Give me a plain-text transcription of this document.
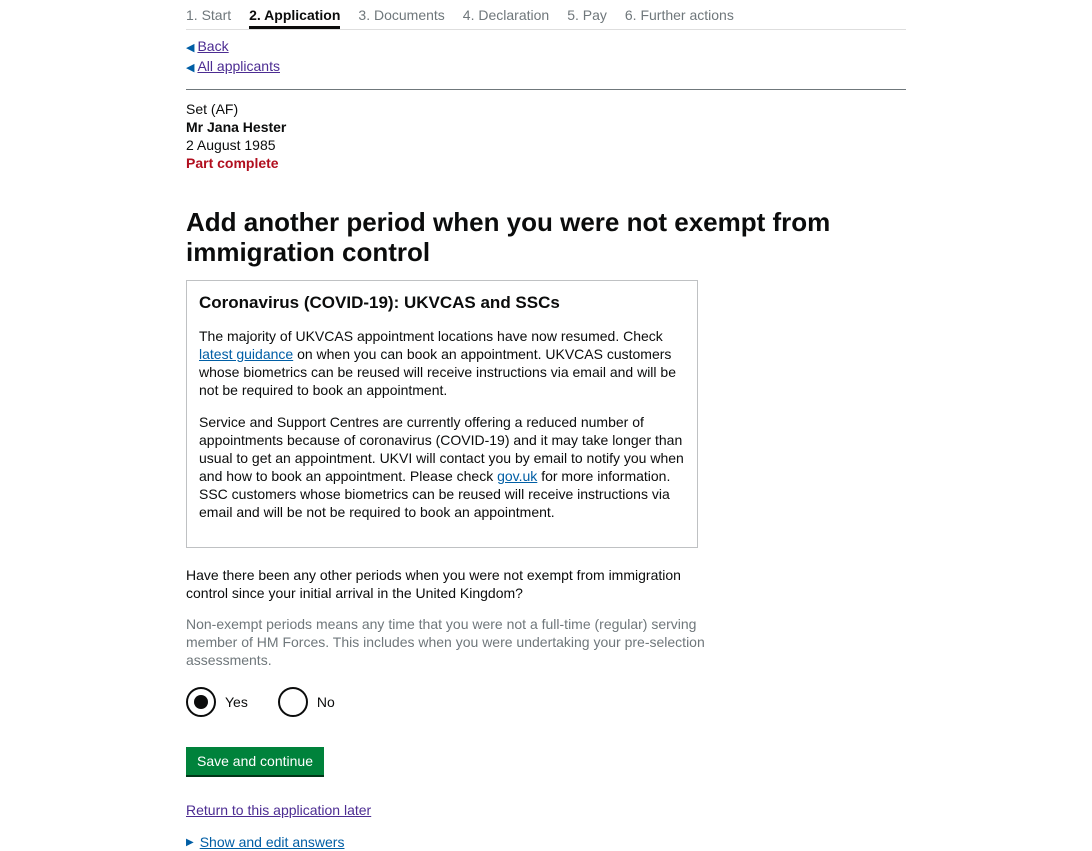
1. Start 2. Application 3. Documents 4. Declaration 5. Pay 6. Further actions
◀ Back
◀ All applicants
Set (AF)
Mr Jana Hester
2 August 1985
Part complete
Add another period when you were not exempt from immigration control
Coronavirus (COVID-19): UKVCAS and SSCs

The majority of UKVCAS appointment locations have now resumed. Check latest guidance on when you can book an appointment. UKVCAS customers whose biometrics can be reused will receive instructions via email and will be not be required to book an appointment.

Service and Support Centres are currently offering a reduced number of appointments because of coronavirus (COVID-19) and it may take longer than usual to get an appointment. UKVI will contact you by email to notify you when and how to book an appointment. Please check gov.uk for more information. SSC customers whose biometrics can be reused will receive instructions via email and will be not be required to book an appointment.

Have there been any other periods when you were not exempt from immigration control since your initial arrival in the United Kingdom?
Non-exempt periods means any time that you were not a full-time (regular) serving member of HM Forces. This includes when you were undertaking your pre-selection assessments.
Yes	No
Save and continue
Return to this application later
▶ Show and edit answers
